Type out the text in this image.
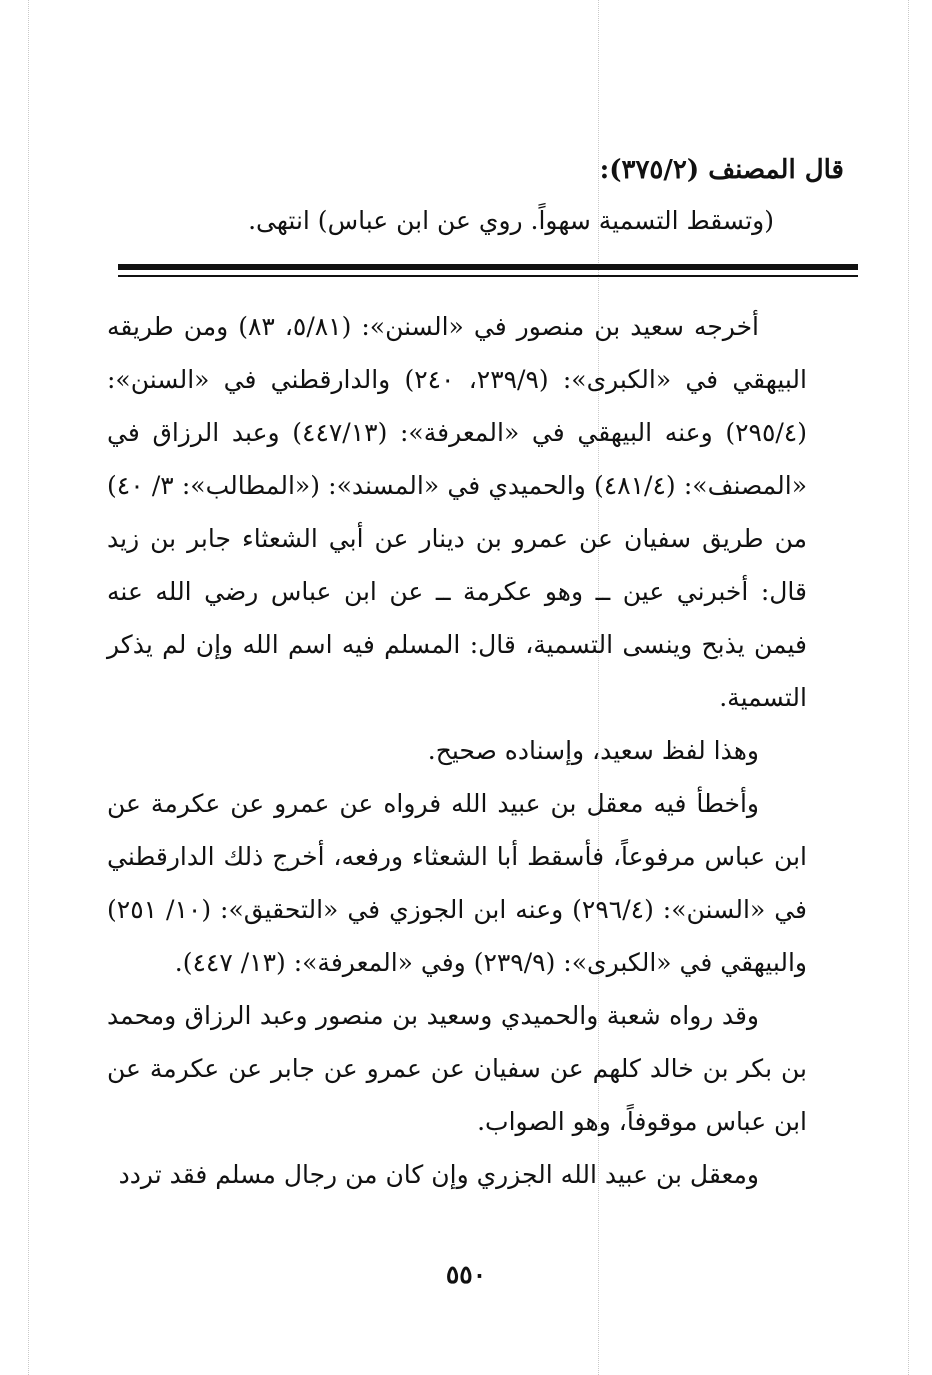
قال المصنف (٣٧٥/٢):
(وتسقط التسمية سهواً. روي عن ابن عباس) انتهى.

أخرجه سعيد بن منصور في «السنن»: (٥/٨١، ٨٣) ومن طريقه البيهقي في «الكبرى»: (٢٣٩/٩، ٢٤٠) والدارقطني في «السنن»: (٢٩٥/٤) وعنه البيهقي في «المعرفة»: (٤٤٧/١٣) وعبد الرزاق في «المصنف»: (٤٨١/٤) والحميدي في «المسند»: («المطالب»: ٣/ ٤٠) من طريق سفيان عن عمرو بن دينار عن أبي الشعثاء جابر بن زيد قال: أخبرني عين ــ وهو عكرمة ــ عن ابن عباس رضي الله عنه فيمن يذبح وينسى التسمية، قال: المسلم فيه اسم الله وإن لم يذكر التسمية.

وهذا لفظ سعيد، وإسناده صحيح.

وأخطأ فيه معقل بن عبيد الله فرواه عن عمرو عن عكرمة عن ابن عباس مرفوعاً، فأسقط أبا الشعثاء ورفعه، أخرج ذلك الدارقطني في «السنن»: (٢٩٦/٤) وعنه ابن الجوزي في «التحقيق»: (١٠/ ٢٥١) والبيهقي في «الكبرى»: (٢٣٩/٩) وفي «المعرفة»: (١٣/ ٤٤٧).

وقد رواه شعبة والحميدي وسعيد بن منصور وعبد الرزاق ومحمد بن بكر بن خالد كلهم عن سفيان عن عمرو عن جابر عن عكرمة عن ابن عباس موقوفاً، وهو الصواب.

ومعقل بن عبيد الله الجزري وإن كان من رجال مسلم فقد تردد

٥٥٠
